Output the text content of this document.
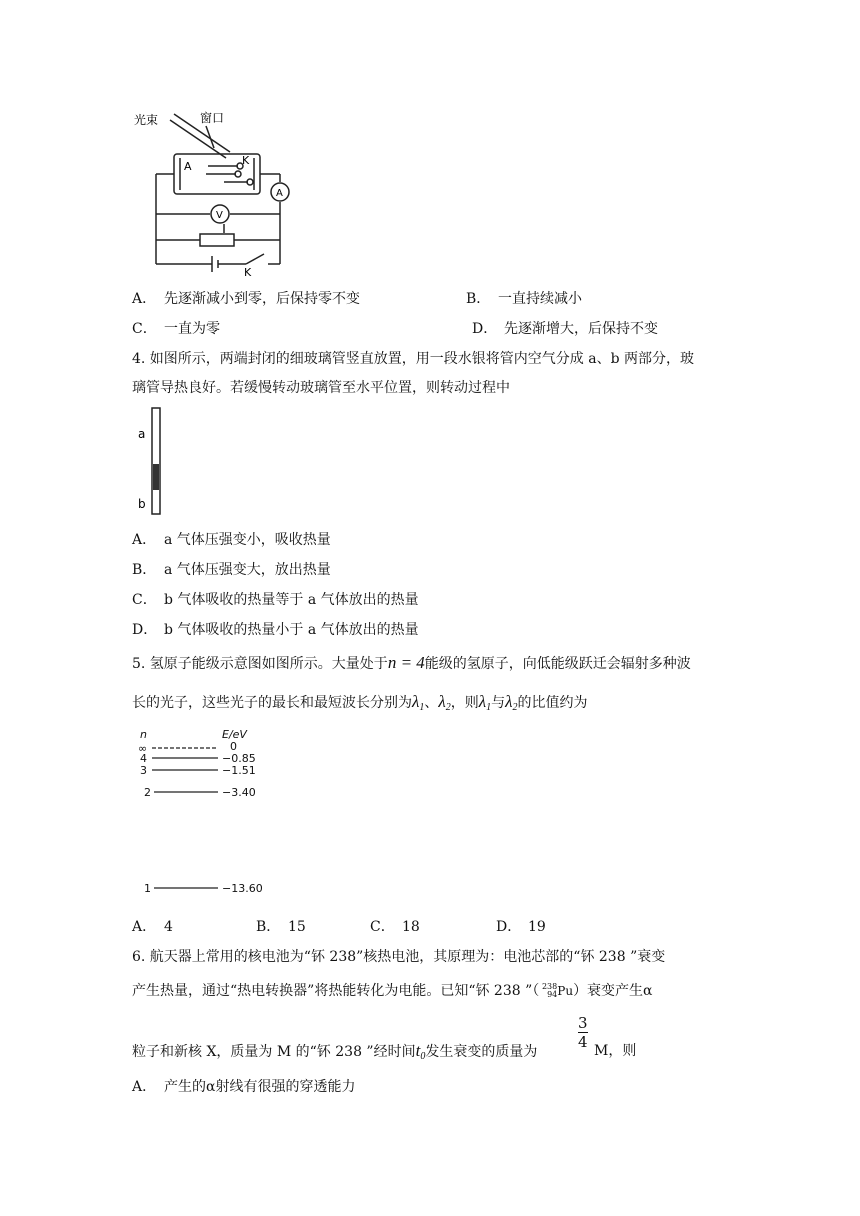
光束	窗口
A	K
A
V
K
A． 先逐渐减小到零，后保持零不变	B． 一直持续减小
C． 一直为零	D． 先逐渐增大，后保持不变
4. 如图所示，两端封闭的细玻璃管竖直放置，用一段水银将管内空气分成 a、b 两部分，玻
璃管导热良好。若缓慢转动玻璃管至水平位置，则转动过程中
a
b
A． a 气体压强变小，吸收热量
B． a 气体压强变大，放出热量
C． b 气体吸收的热量等于 a 气体放出的热量
D． b 气体吸收的热量小于 a 气体放出的热量
5. 氢原子能级示意图如图所示。大量处于n = 4能级的氢原子，向低能级跃迁会辐射多种波
长的光子，这些光子的最长和最短波长分别为$\lambda_1$、$\lambda_2$，则$\lambda_1$与$\lambda_2$的比值约为
n	E/eV
∞	0
4	−0.85
3	−1.51
2	−3.40
1	−13.60
A． 4	B． 15	C． 18	D． 19
6. 航天器上常用的核电池为“钚 238”核热电池，其原理为：电池芯部的“钚 238 ”衰变
产生热量，通过“热电转换器”将热能转化为电能。已知“钚 238 ”（ 238
94 Pu）衰变产生α
粒子和新核 X，质量为 M 的“钚 238 ”经时间$t_0$发生衰变的质量为
3
4 M，则
A． 产生的α射线有很强的穿透能力
